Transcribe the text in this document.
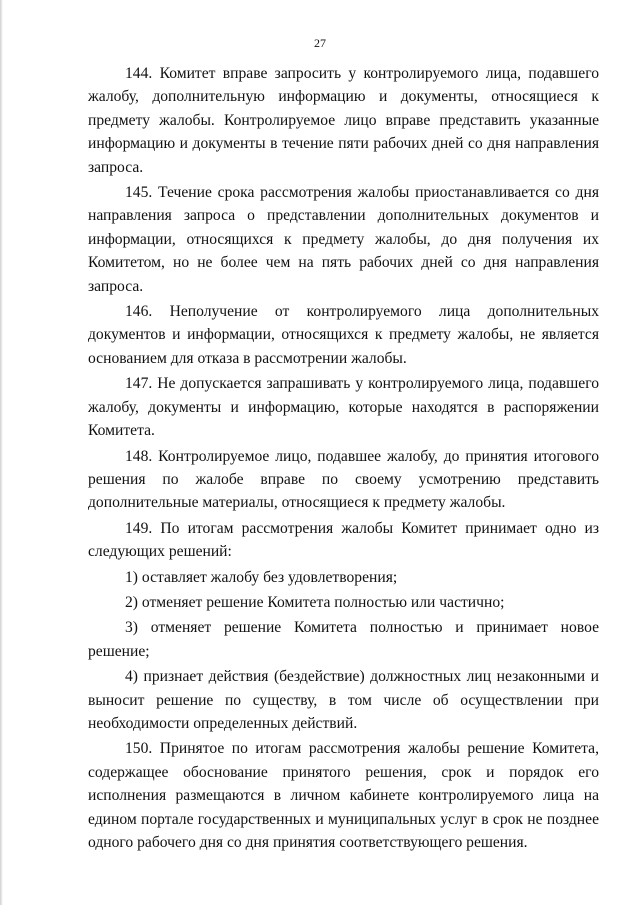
27

144. Комитет вправе запросить у контролируемого лица, подавшего жалобу, дополнительную информацию и документы, относящиеся к предмету жалобы. Контролируемое лицо вправе представить указанные информацию и документы в течение пяти рабочих дней со дня направления запроса.

145. Течение срока рассмотрения жалобы приостанавливается со дня направления запроса о представлении дополнительных документов и информации, относящихся к предмету жалобы, до дня получения их Комитетом, но не более чем на пять рабочих дней со дня направления запроса.

146. Неполучение от контролируемого лица дополнительных документов и информации, относящихся к предмету жалобы, не является основанием для отказа в рассмотрении жалобы.

147. Не допускается запрашивать у контролируемого лица, подавшего жалобу, документы и информацию, которые находятся в распоряжении Комитета.

148. Контролируемое лицо, подавшее жалобу, до принятия итогового решения по жалобе вправе по своему усмотрению представить дополнительные материалы, относящиеся к предмету жалобы.

149. По итогам рассмотрения жалобы Комитет принимает одно из следующих решений:

1) оставляет жалобу без удовлетворения;

2) отменяет решение Комитета полностью или частично;

3) отменяет решение Комитета полностью и принимает новое решение;

4) признает действия (бездействие) должностных лиц незаконными и выносит решение по существу, в том числе об осуществлении при необходимости определенных действий.

150. Принятое по итогам рассмотрения жалобы решение Комитета, содержащее обоснование принятого решения, срок и порядок его исполнения размещаются в личном кабинете контролируемого лица на едином портале государственных и муниципальных услуг в срок не позднее одного рабочего дня со дня принятия соответствующего решения.
